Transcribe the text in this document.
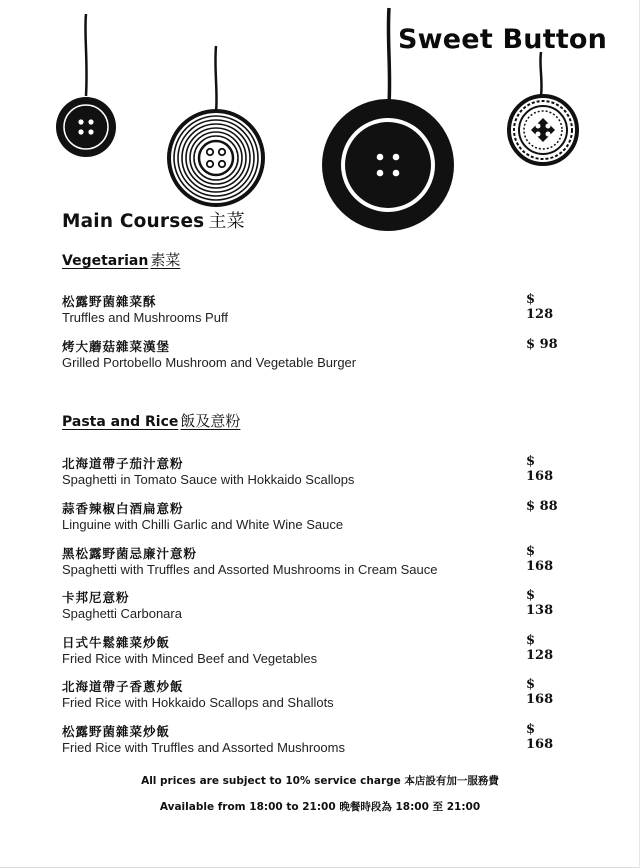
Sweet Button
Main Courses 主菜
Vegetarian 素菜
松露野菌雜菜酥
Truffles and Mushrooms Puff
$ 128
烤大蘑菇雜菜漢堡
Grilled Portobello Mushroom and Vegetable Burger
$ 98
Pasta and Rice 飯及意粉
北海道帶子茄汁意粉
Spaghetti in Tomato Sauce with Hokkaido Scallops
$ 168
蒜香辣椒白酒扁意粉
Linguine with Chilli Garlic and White Wine Sauce
$ 88
黑松露野菌忌廉汁意粉
Spaghetti with Truffles and Assorted Mushrooms in Cream Sauce
$ 168
卡邦尼意粉
Spaghetti Carbonara
$ 138
日式牛鬆雜菜炒飯
Fried Rice with Minced Beef and Vegetables
$ 128
北海道帶子香蔥炒飯
Fried Rice with Hokkaido Scallops and Shallots
$ 168
松露野菌雜菜炒飯
Fried Rice with Truffles and Assorted Mushrooms
$ 168
All prices are subject to 10% service charge 本店設有加一服務費
Available from 18:00 to 21:00 晚餐時段為 18:00 至 21:00
